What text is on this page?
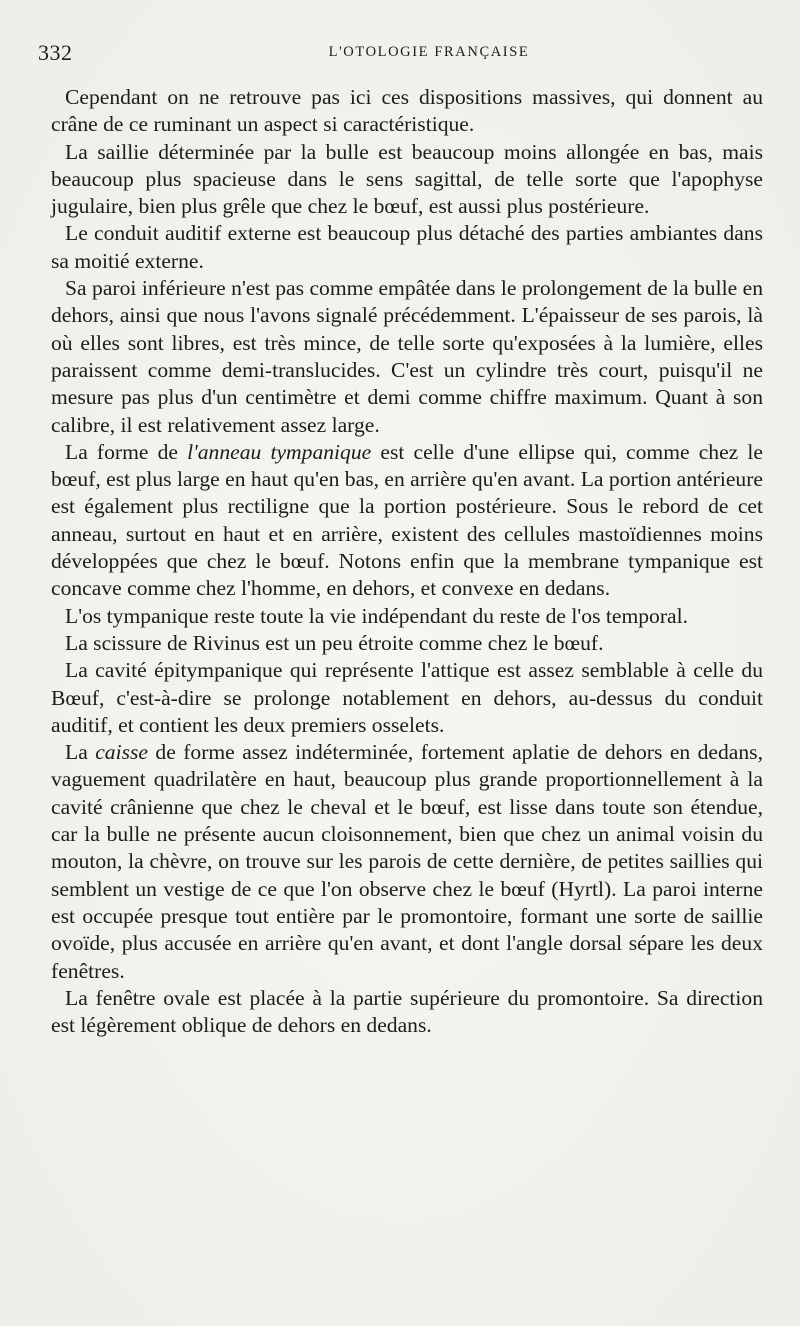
332	L'OTOLOGIE FRANÇAISE

Cependant on ne retrouve pas ici ces dispositions massives, qui donnent au crâne de ce ruminant un aspect si caractéristique.

La saillie déterminée par la bulle est beaucoup moins allongée en bas, mais beaucoup plus spacieuse dans le sens sagittal, de telle sorte que l'apophyse jugulaire, bien plus grêle que chez le bœuf, est aussi plus postérieure.

Le conduit auditif externe est beaucoup plus détaché des parties ambiantes dans sa moitié externe.

Sa paroi inférieure n'est pas comme empâtée dans le prolongement de la bulle en dehors, ainsi que nous l'avons signalé précédemment. L'épaisseur de ses parois, là où elles sont libres, est très mince, de telle sorte qu'exposées à la lumière, elles paraissent comme demi-translucides. C'est un cylindre très court, puisqu'il ne mesure pas plus d'un centimètre et demi comme chiffre maximum. Quant à son calibre, il est relativement assez large.

La forme de l'anneau tympanique est celle d'une ellipse qui, comme chez le bœuf, est plus large en haut qu'en bas, en arrière qu'en avant. La portion antérieure est également plus rectiligne que la portion postérieure. Sous le rebord de cet anneau, surtout en haut et en arrière, existent des cellules mastoïdiennes moins développées que chez le bœuf. Notons enfin que la membrane tympanique est concave comme chez l'homme, en dehors, et convexe en dedans.

L'os tympanique reste toute la vie indépendant du reste de l'os temporal.

La scissure de Rivinus est un peu étroite comme chez le bœuf.

La cavité épitympanique qui représente l'attique est assez semblable à celle du Bœuf, c'est-à-dire se prolonge notablement en dehors, au-dessus du conduit auditif, et contient les deux premiers osselets.

La caisse de forme assez indéterminée, fortement aplatie de dehors en dedans, vaguement quadrilatère en haut, beaucoup plus grande proportionnellement à la cavité crânienne que chez le cheval et le bœuf, est lisse dans toute son étendue, car la bulle ne présente aucun cloisonnement, bien que chez un animal voisin du mouton, la chèvre, on trouve sur les parois de cette dernière, de petites saillies qui semblent un vestige de ce que l'on observe chez le bœuf (Hyrtl). La paroi interne est occupée presque tout entière par le promontoire, formant une sorte de saillie ovoïde, plus accusée en arrière qu'en avant, et dont l'angle dorsal sépare les deux fenêtres.

La fenêtre ovale est placée à la partie supérieure du promontoire. Sa direction est légèrement oblique de dehors en dedans.
